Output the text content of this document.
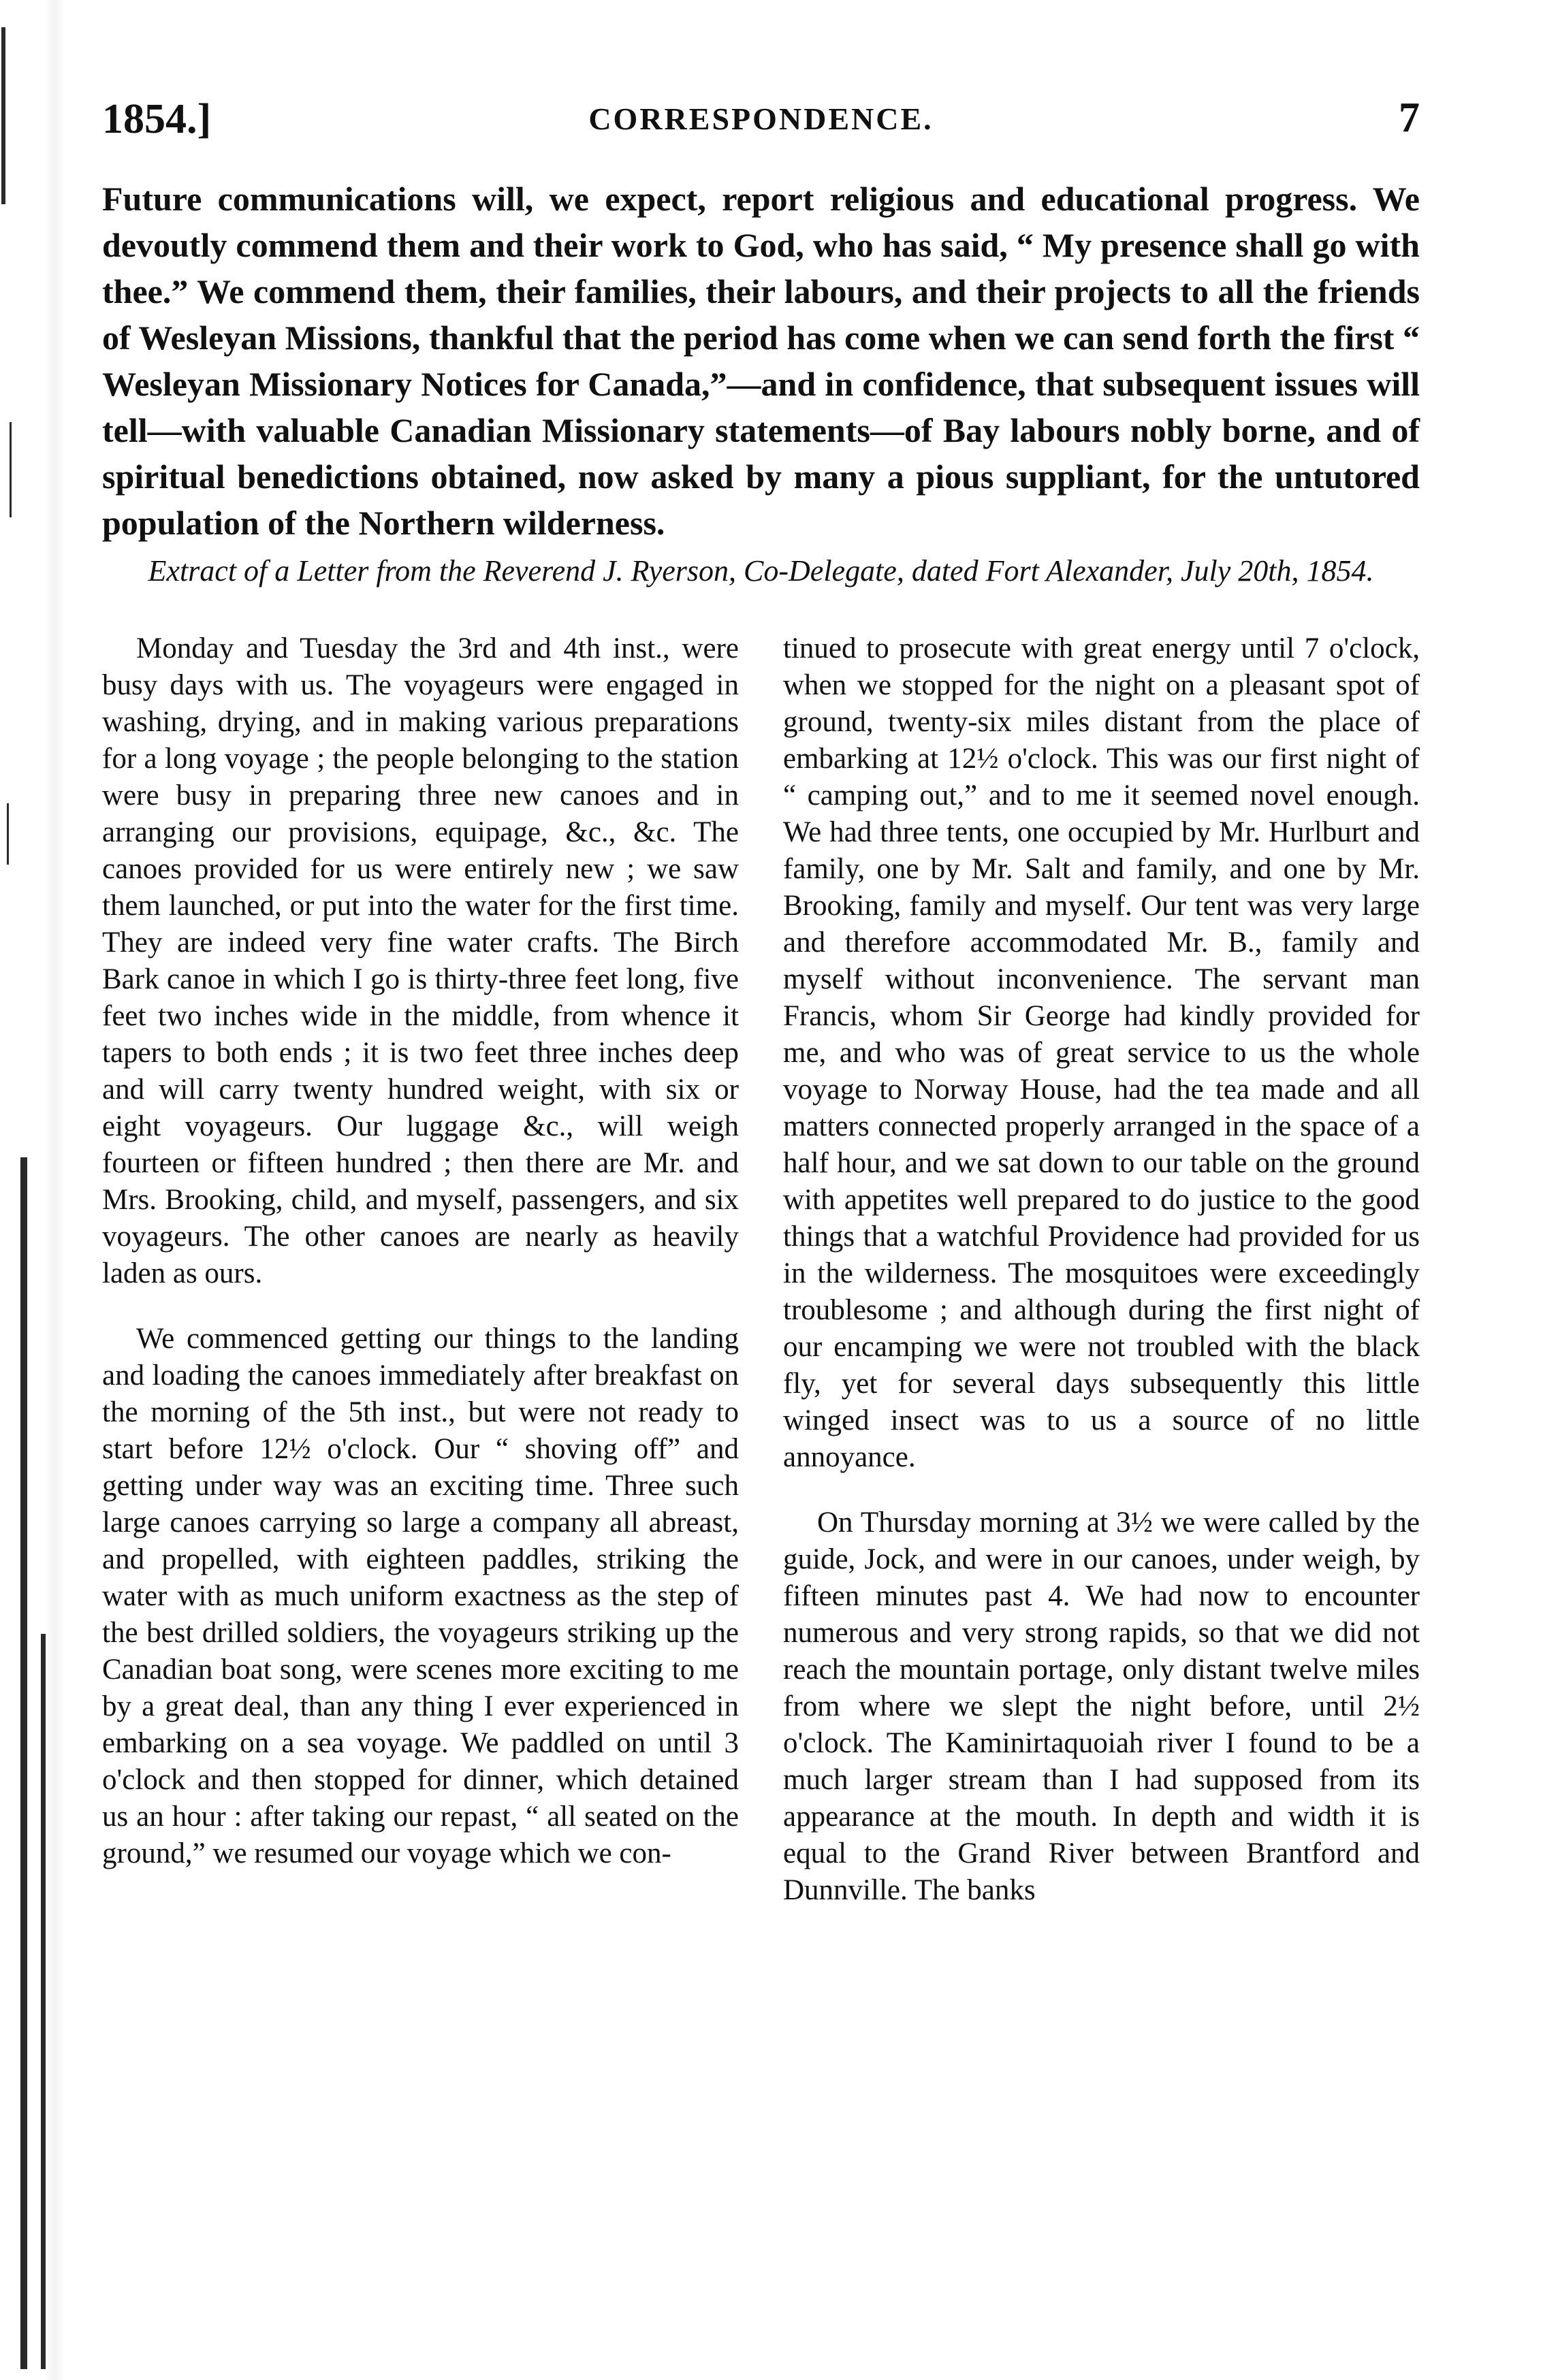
1854.]	CORRESPONDENCE.	7
Future communications will, we expect, report religious and educational progress. We devoutly commend them and their work to God, who has said, “ My presence shall go with thee.” We commend them, their families, their labours, and their projects to all the friends of Wesleyan Missions, thankful that the period has come when we can send forth the first “ Wesleyan Missionary Notices for Canada,”—and in confidence, that subsequent issues will tell—with valuable Canadian Missionary statements—of Bay labours nobly borne, and of spiritual benedictions obtained, now asked by many a pious suppliant, for the untutored population of the Northern wilderness.
Extract of a Letter from the Reverend J. Ryerson, Co-Delegate, dated Fort Alexander, July 20th, 1854.

Monday and Tuesday the 3rd and 4th inst., were busy days with us. The voyageurs were engaged in washing, drying, and in making various preparations for a long voyage ; the people belonging to the station were busy in preparing three new canoes and in arranging our provisions, equipage, &c., &c. The canoes provided for us were entirely new ; we saw them launched, or put into the water for the first time. They are indeed very fine water crafts. The Birch Bark canoe in which I go is thirty-three feet long, five feet two inches wide in the middle, from whence it tapers to both ends ; it is two feet three inches deep and will carry twenty hundred weight, with six or eight voyageurs. Our luggage &c., will weigh fourteen or fifteen hundred ; then there are Mr. and Mrs. Brooking, child, and myself, passengers, and six voyageurs. The other canoes are nearly as heavily laden as ours.

We commenced getting our things to the landing and loading the canoes immediately after breakfast on the morning of the 5th inst., but were not ready to start before 12½ o'clock. Our “ shoving off” and getting under way was an exciting time. Three such large canoes carrying so large a company all abreast, and propelled, with eighteen paddles, striking the water with as much uniform exactness as the step of the best drilled soldiers, the voyageurs striking up the Canadian boat song, were scenes more exciting to me by a great deal, than any thing I ever experienced in embarking on a sea voyage. We paddled on until 3 o'clock and then stopped for dinner, which detained us an hour : after taking our repast, “ all seated on the ground,” we resumed our voyage which we con-

tinued to prosecute with great energy until 7 o'clock, when we stopped for the night on a pleasant spot of ground, twenty-six miles distant from the place of embarking at 12½ o'clock. This was our first night of “ camping out,” and to me it seemed novel enough. We had three tents, one occupied by Mr. Hurlburt and family, one by Mr. Salt and family, and one by Mr. Brooking, family and myself. Our tent was very large and therefore accommodated Mr. B., family and myself without inconvenience. The servant man Francis, whom Sir George had kindly provided for me, and who was of great service to us the whole voyage to Norway House, had the tea made and all matters connected properly arranged in the space of a half hour, and we sat down to our table on the ground with appetites well prepared to do justice to the good things that a watchful Providence had provided for us in the wilderness. The mosquitoes were exceedingly troublesome ; and although during the first night of our encamping we were not troubled with the black fly, yet for several days subsequently this little winged insect was to us a source of no little annoyance.

On Thursday morning at 3½ we were called by the guide, Jock, and were in our canoes, under weigh, by fifteen minutes past 4. We had now to encounter numerous and very strong rapids, so that we did not reach the mountain portage, only distant twelve miles from where we slept the night before, until 2½ o'clock. The Kaminirtaquoiah river I found to be a much larger stream than I had supposed from its appearance at the mouth. In depth and width it is equal to the Grand River between Brantford and Dunnville. The banks
